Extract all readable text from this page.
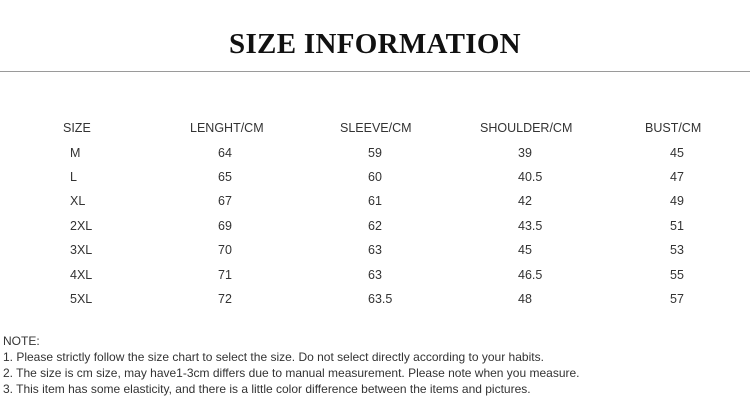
SIZE INFORMATION
SIZE	LENGHT/CM	SLEEVE/CM	SHOULDER/CM	BUST/CM
M	64	59	39	45
L	65	60	40.5	47
XL	67	61	42	49
2XL	69	62	43.5	51
3XL	70	63	45	53
4XL	71	63	46.5	55
5XL	72	63.5	48	57
NOTE:
1. Please strictly follow the size chart to select the size. Do not select directly according to your habits.
2. The size is cm size, may have1-3cm differs due to manual measurement. Please note when you measure.
3. This item has some elasticity, and there is a little color difference between the items and pictures.
